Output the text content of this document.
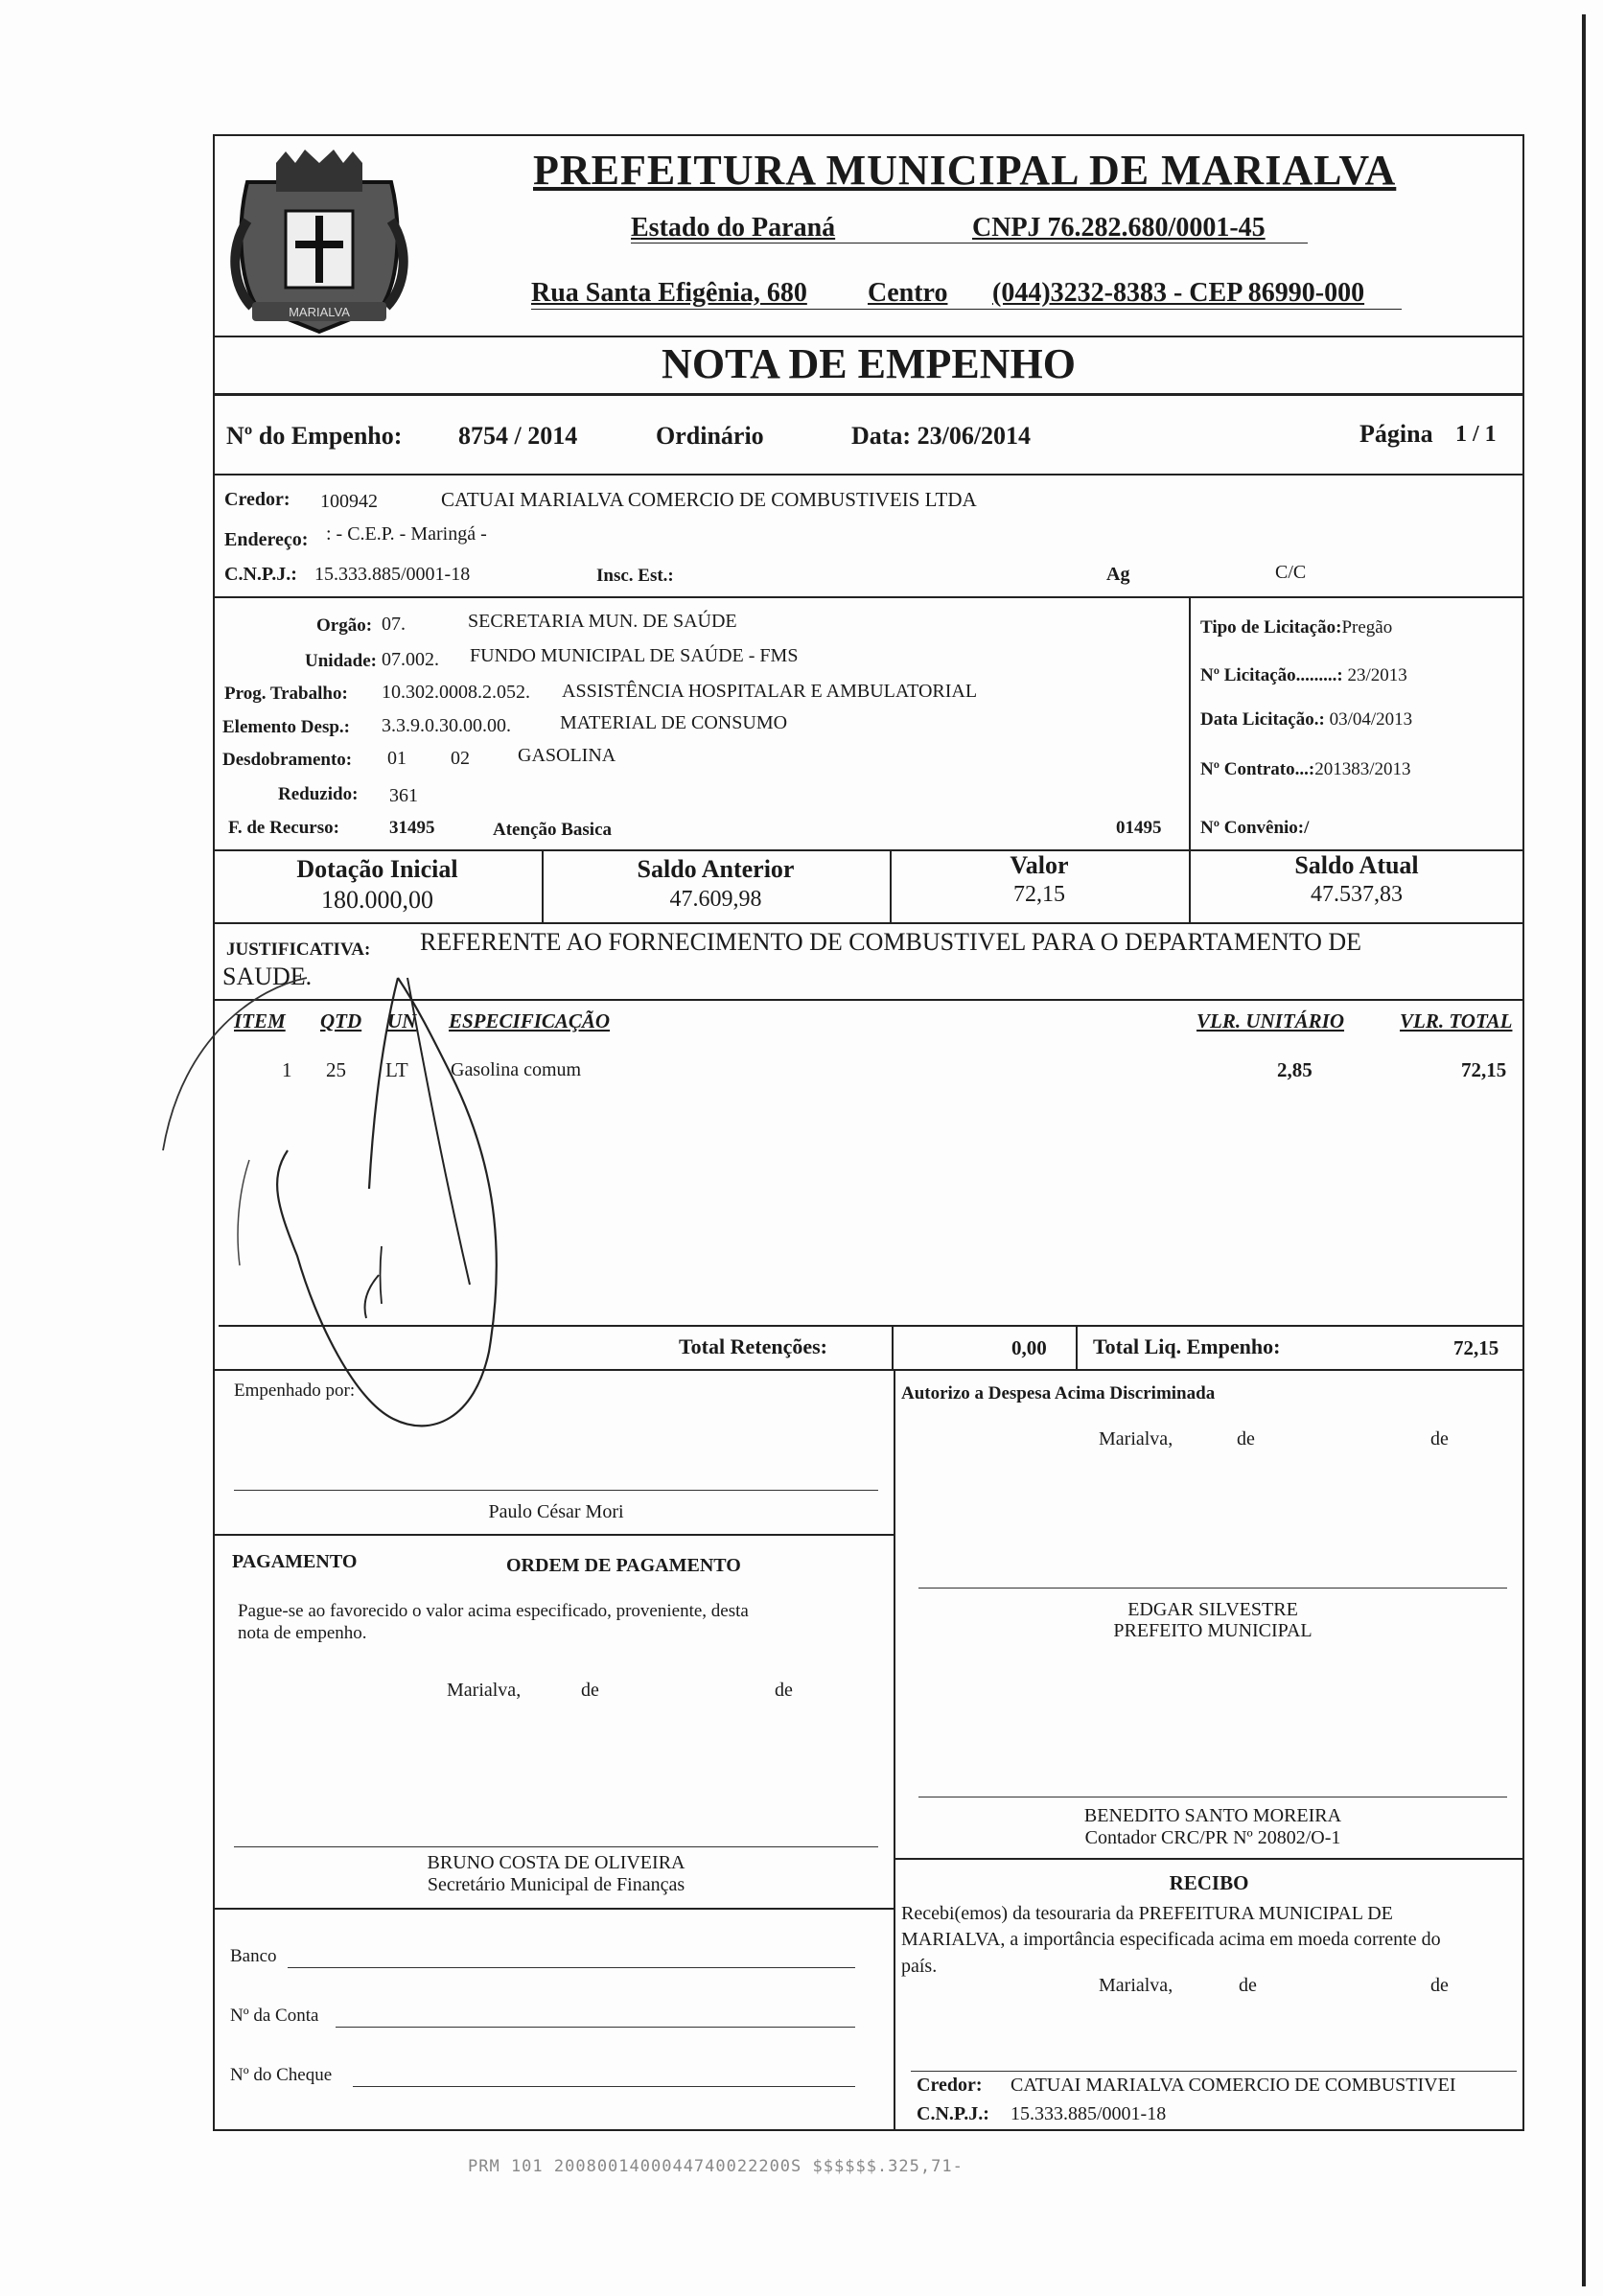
MARIALVA
PREFEITURA MUNICIPAL DE MARIALVA
Estado do Paraná	CNPJ 76.282.680/0001-45
Rua Santa Efigênia, 680 Centro (044)3232-8383 - CEP 86990-000
NOTA DE EMPENHO
Nº do Empenho: 8754 / 2014	Ordinário	Data: 23/06/2014	Página 1 / 1
Credor: 100942	CATUAI MARIALVA COMERCIO DE COMBUSTIVEIS LTDA
Endereço: : - C.E.P. - Maringá -
C.N.P.J.: 15.333.885/0001-18	Insc. Est.:	Ag	C/C
Orgão: 07.	SECRETARIA MUN. DE SAÚDE
Unidade: 07.002. FUNDO MUNICIPAL DE SAÚDE - FMS
Prog. Trabalho: 10.302.0008.2.052. ASSISTÊNCIA HOSPITALAR E AMBULATORIAL
Elemento Desp.: 3.3.9.0.30.00.00.	MATERIAL DE CONSUMO
Desdobramento: 01 02	GASOLINA
Reduzido: 361
F. de Recurso:	31495	Atenção Basica	01495
Tipo de Licitação:Pregão
Nº Licitação.........: 23/2013
Data Licitação.: 03/04/2013
Nº Contrato...:201383/2013
Nº Convênio:/
Dotação Inicial
180.000,00
Saldo Anterior
47.609,98
Valor
72,15
Saldo Atual
47.537,83
JUSTIFICATIVA: REFERENTE AO FORNECIMENTO DE COMBUSTIVEL PARA O DEPARTAMENTO DE
SAUDE.
ITEM QTD UN ESPECIFICAÇÃO	VLR. UNITÁRIO	VLR. TOTAL
1 25 LT Gasolina comum	2,85	72,15
Total Retenções:	0,00 Total Liq. Empenho:	72,15
Empenhado por:
Paulo César Mori
Autorizo a Despesa Acima Discriminada
Marialva,	de	de
EDGAR SILVESTRE
PREFEITO MUNICIPAL
PAGAMENTO	ORDEM DE PAGAMENTO
Pague-se ao favorecido o valor acima especificado, proveniente, desta
nota de empenho.
Marialva,	de	de
BENEDITO SANTO MOREIRA
Contador CRC/PR Nº 20802/O-1
BRUNO COSTA DE OLIVEIRA
Secretário Municipal de Finanças	RECIBO
Recebi(emos) da tesouraria da PREFEITURA MUNICIPAL DE
MARIALVA, a importância especificada acima em moeda corrente do
país.
Marialva,	de	de
Credor: CATUAI MARIALVA COMERCIO DE COMBUSTIVEI
C.N.P.J.: 15.333.885/0001-18
Banco
Nº da Conta
Nº do Cheque
PRM 101 2008001400044740022200S $$$$$$.325,71-
